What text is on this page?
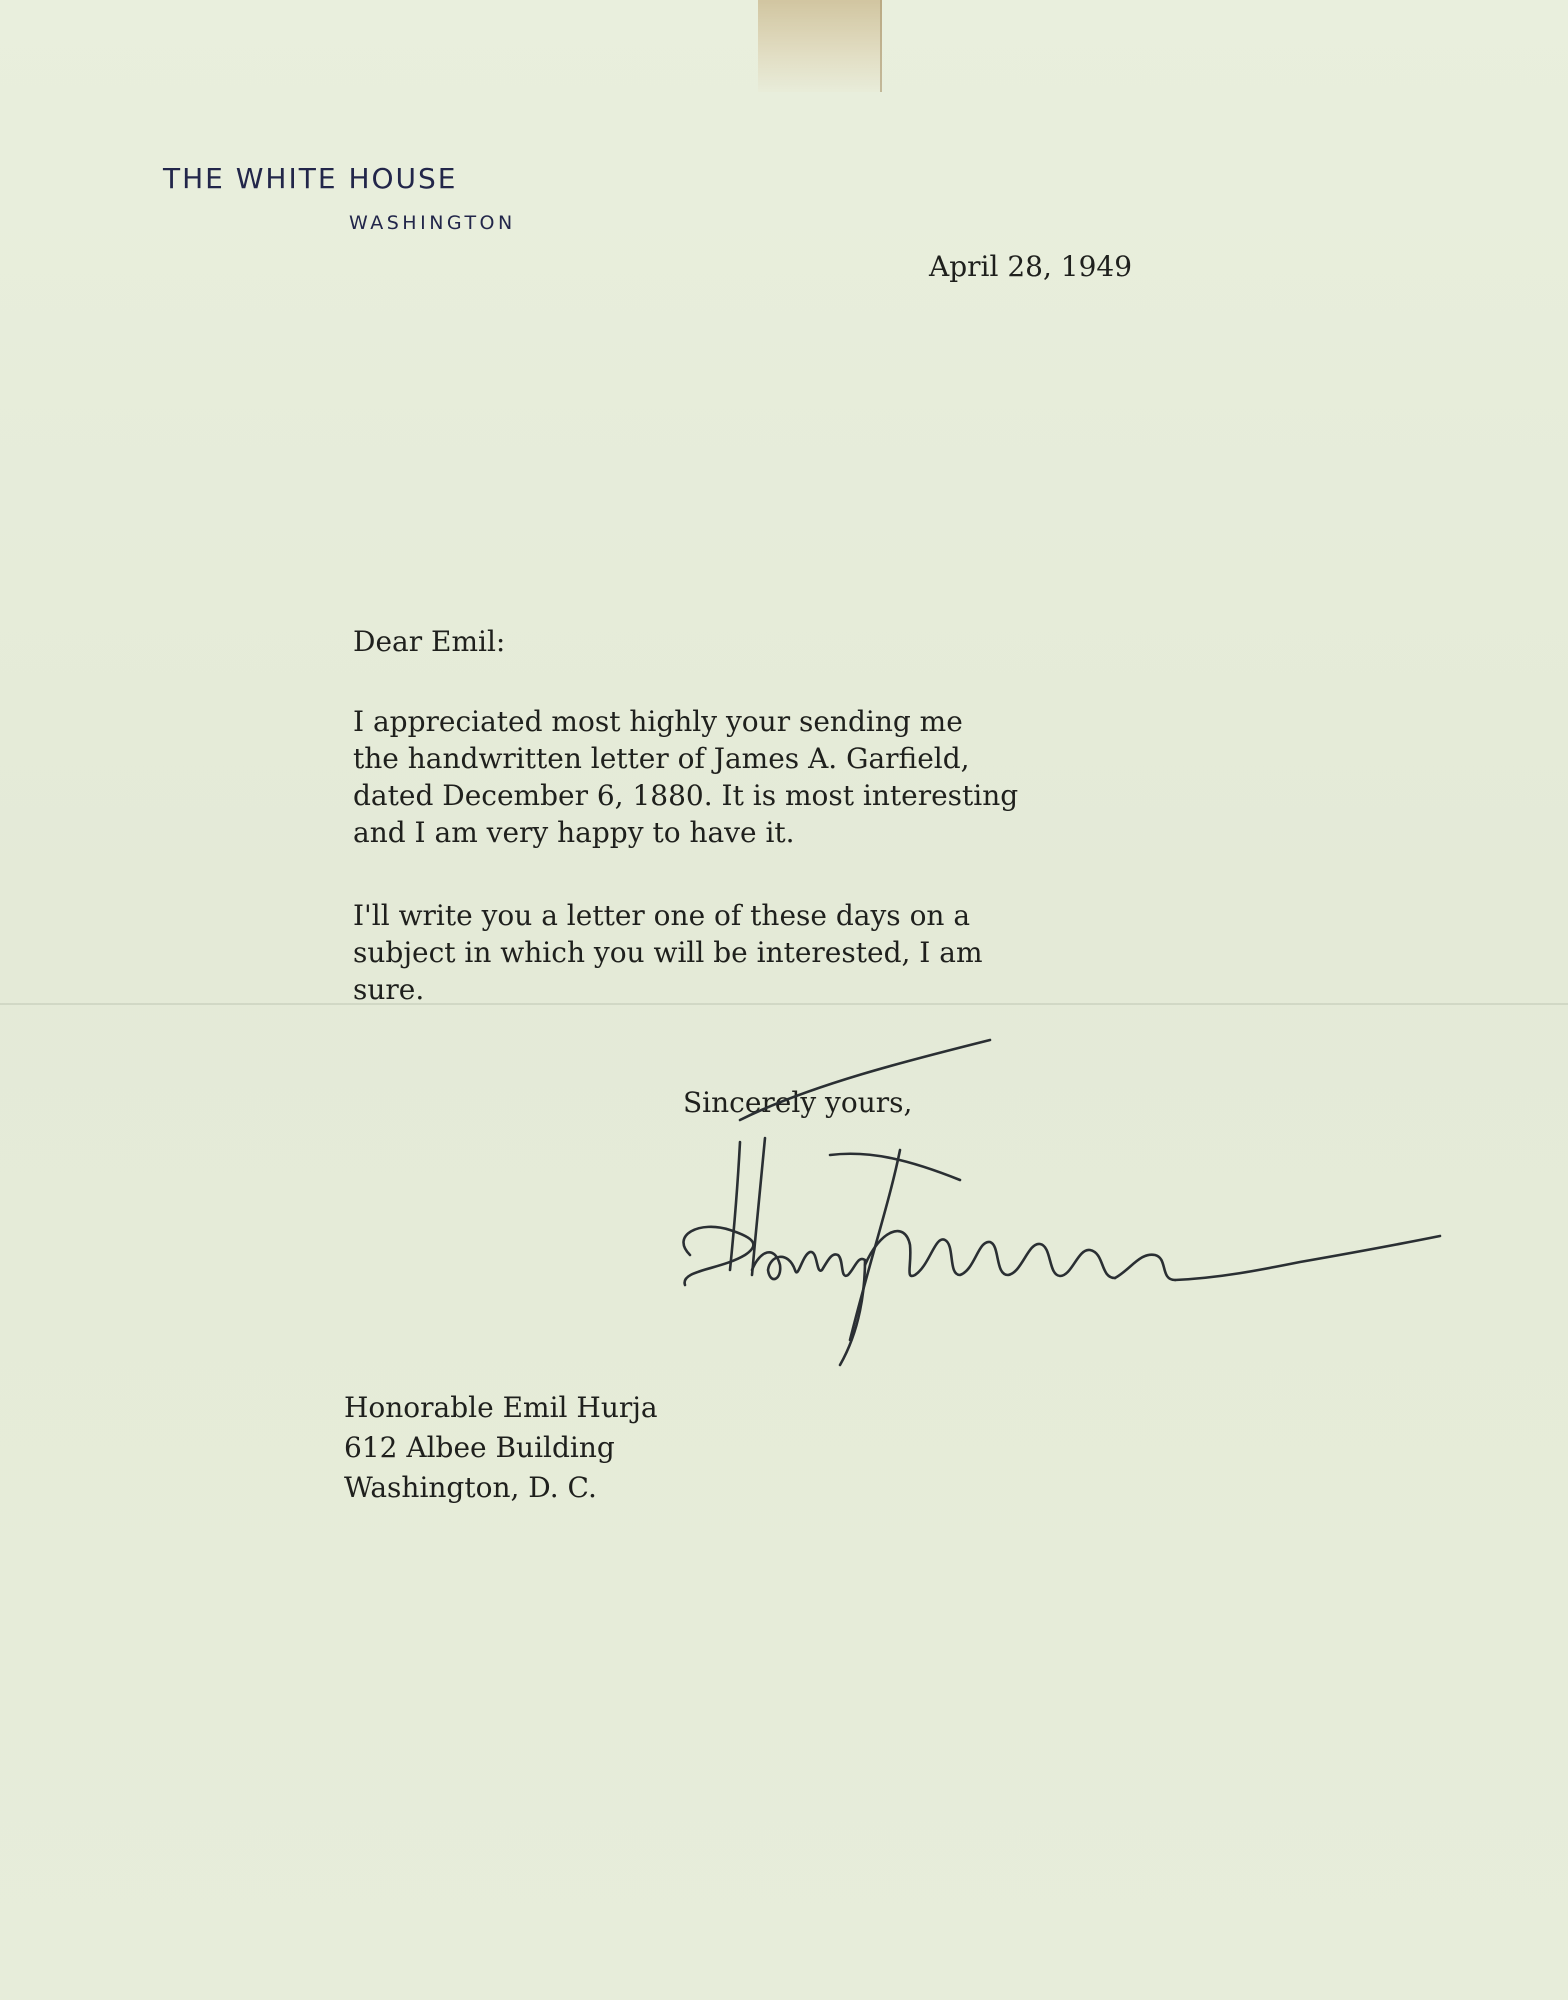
THE WHITE HOUSE
WASHINGTON
April 28, 1949
Dear Emil:
I appreciated most highly your sending me
the handwritten letter of James A. Garfield,
dated December 6, 1880. It is most interesting
and I am very happy to have it.
I'll write you a letter one of these days on a
subject in which you will be interested, I am
sure.
Sincerely yours,
Honorable Emil Hurja
612 Albee Building
Washington, D. C.
